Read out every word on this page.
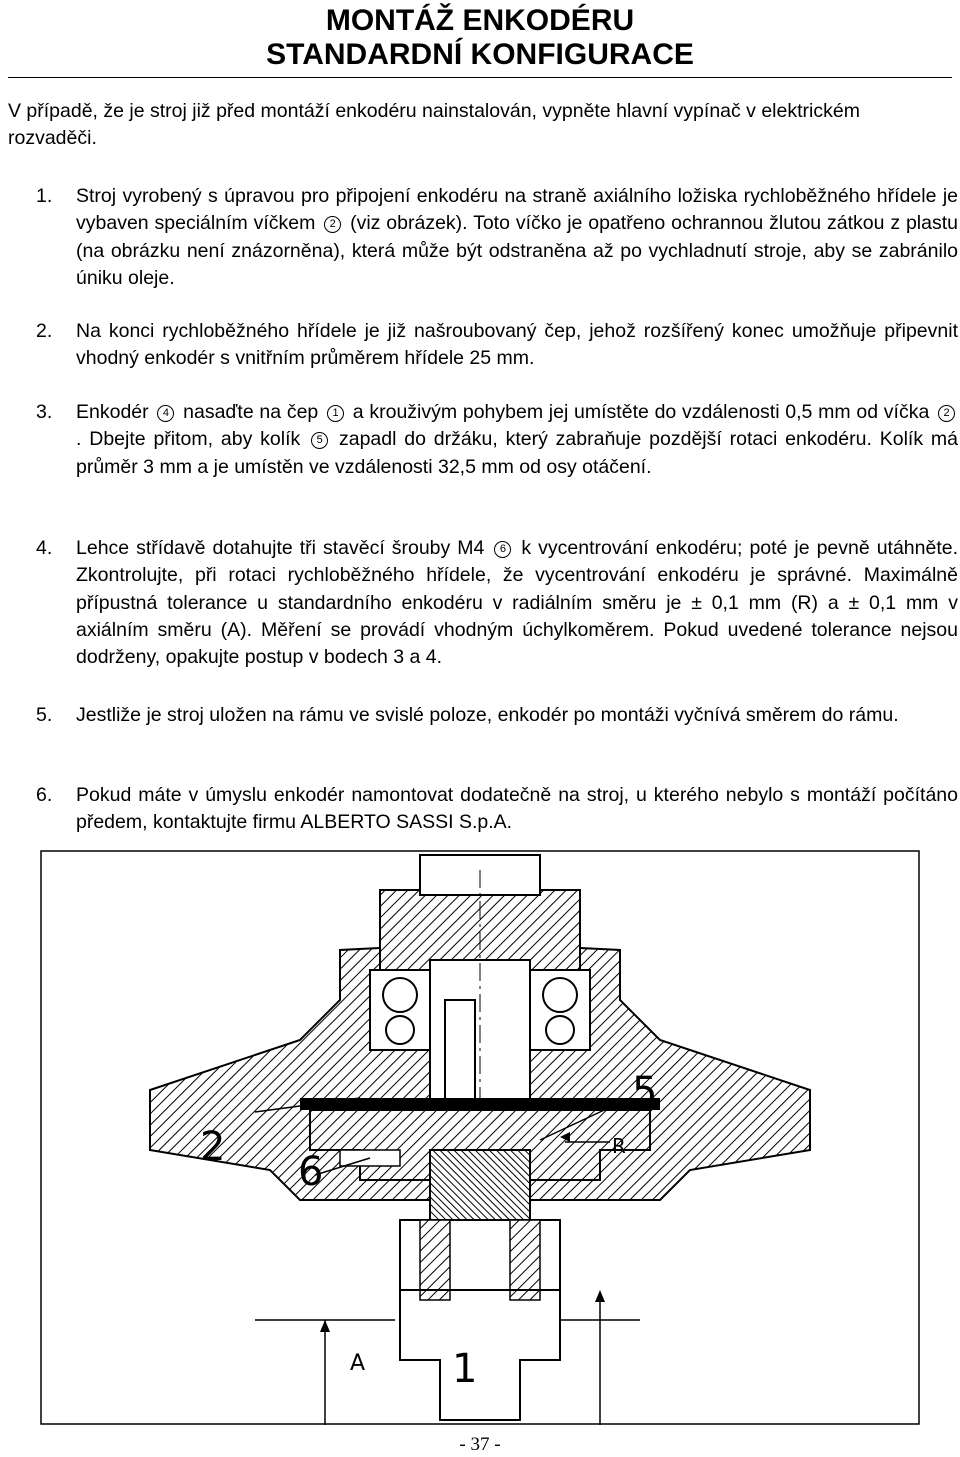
MONTÁŽ ENKODÉRU
STANDARDNÍ KONFIGURACE
V případě, že je stroj již před montáží enkodéru nainstalován, vypněte hlavní vypínač v elektrickém rozvaděči.
1. Stroj vyrobený s úpravou pro připojení enkodéru na straně axiálního ložiska rychloběžného hřídele je vybaven speciálním víčkem 2 (viz obrázek). Toto víčko je opatřeno ochrannou žlutou zátkou z plastu (na obrázku není znázorněna), která může být odstraněna až po vychladnutí stroje, aby se zabránilo úniku oleje.
2. Na konci rychloběžného hřídele je již našroubovaný čep, jehož rozšířený konec umožňuje připevnit vhodný enkodér s vnitřním průměrem hřídele 25 mm.
3. Enkodér 4 nasaďte na čep 1 a krouživým pohybem jej umístěte do vzdálenosti 0,5 mm od víčka 2. Dbejte přitom, aby kolík 5 zapadl do držáku, který zabraňuje pozdější rotaci enkodéru. Kolík má průměr 3 mm a je umístěn ve vzdálenosti 32,5 mm od osy otáčení.
4. Lehce střídavě dotahujte tři stavěcí šrouby M4 6 k vycentrování enkodéru; poté je pevně utáhněte. Zkontrolujte, při rotaci rychloběžného hřídele, že vycentrování enkodéru je správné. Maximálně přípustná tolerance u standardního enkodéru v radiálním směru je ± 0,1 mm (R) a ± 0,1 mm v axiálním směru (A). Měření se provádí vhodným úchylkoměrem. Pokud uvedené tolerance nejsou dodrženy, opakujte postup v bodech 3 a 4.
5. Jestliže je stroj uložen na rámu ve svislé poloze, enkodér po montáži vyčnívá směrem do rámu.
6. Pokud máte v úmyslu enkodér namontovat dodatečně na stroj, u kterého nebylo s montáží počítáno předem, kontaktujte firmu ALBERTO SASSI S.p.A.
2
6
A 1
5
R
- 37 -
